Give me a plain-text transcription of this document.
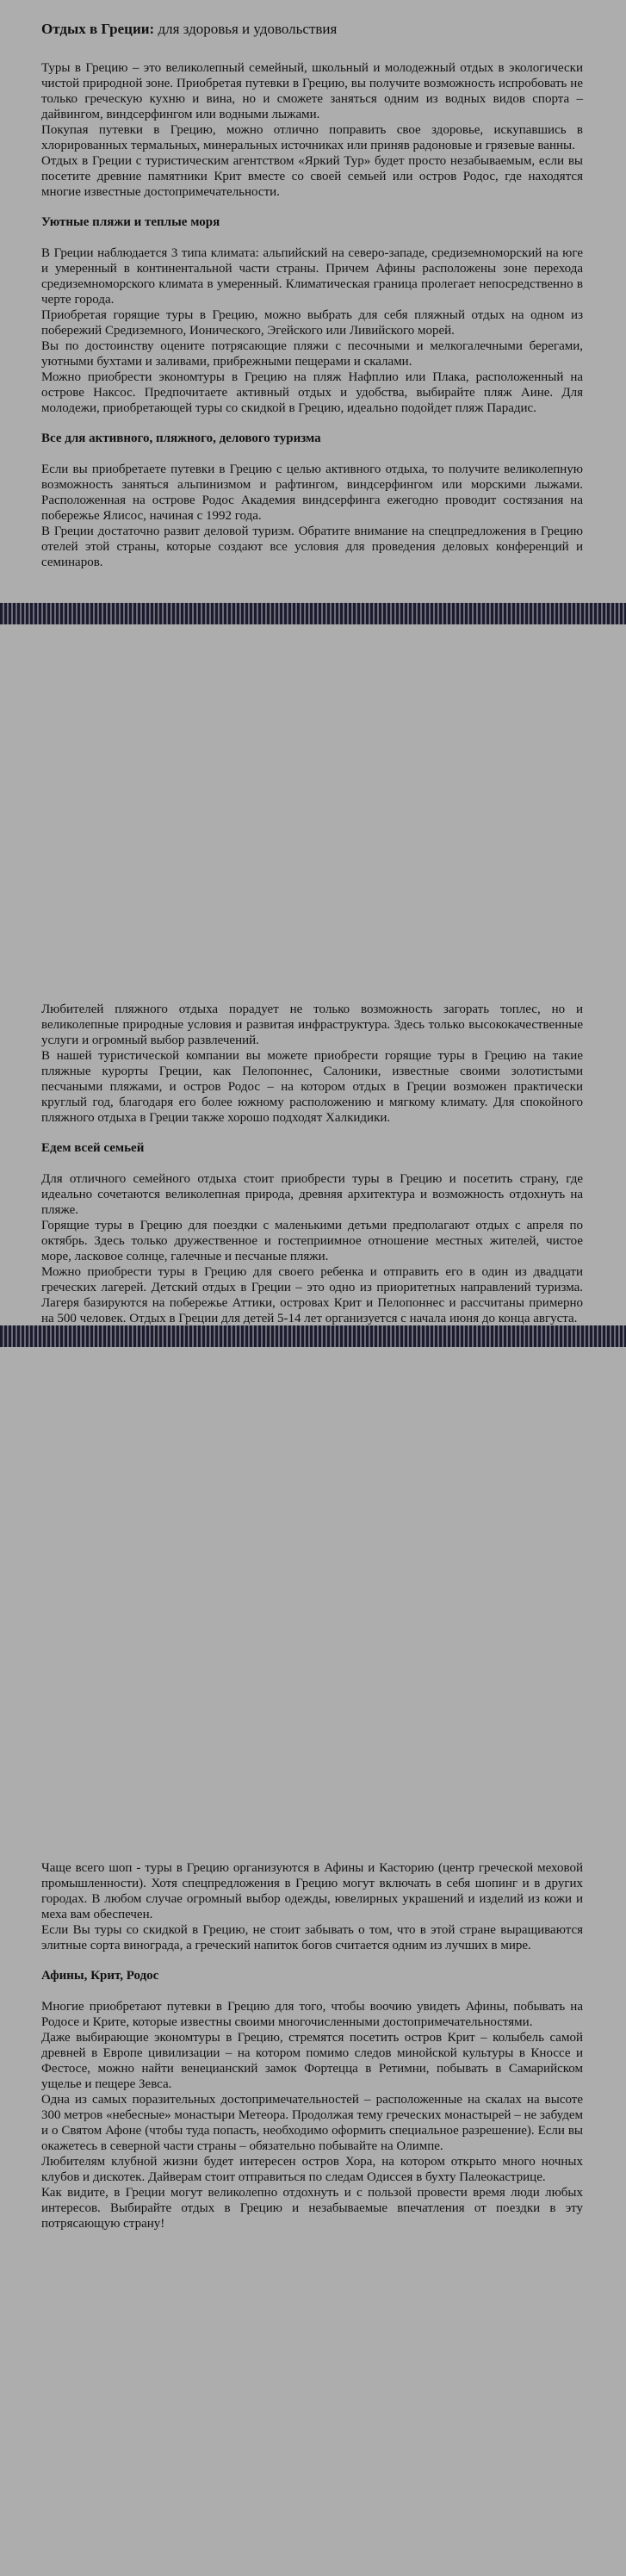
Отдых в Греции: для здоровья и удовольствия

Туры в Грецию – это великолепный семейный, школьный и молодежный отдых в экологически чистой природной зоне. Приобретая путевки в Грецию, вы получите возможность испробовать не только греческую кухню и вина, но и сможете заняться одним из водных видов спорта – дайвингом, виндсерфингом или водными лыжами.

Покупая путевки в Грецию, можно отлично поправить свое здоровье, искупавшись в хлорированных термальных, минеральных источниках или приняв радоновые и грязевые ванны.

Отдых в Греции с туристическим агентством «Яркий Тур» будет просто незабываемым, если вы посетите древние памятники Крит вместе со своей семьей или остров Родос, где находятся многие известные достопримечательности.

Уютные пляжи и теплые моря

В Греции наблюдается 3 типа климата: альпийский на северо-западе, средиземноморский на юге и умеренный в континентальной части страны. Причем Афины расположены зоне перехода средиземноморского климата в умеренный. Климатическая граница пролегает непосредственно в черте города.

Приобретая горящие туры в Грецию, можно выбрать для себя пляжный отдых на одном из побережий Средиземного, Ионического, Эгейского или Ливийского морей.

Вы по достоинству оцените потрясающие пляжи с песочными и мелкогалечными берегами, уютными бухтами и заливами, прибрежными пещерами и скалами.

Можно приобрести экономтуры в Грецию на пляж Нафплио или Плака, расположенный на острове Наксос. Предпочитаете активный отдых и удобства, выбирайте пляж Аине. Для молодежи, приобретающей туры со скидкой в Грецию, идеально подойдет пляж Парадис.

Все для активного, пляжного, делового туризма

Если вы приобретаете путевки в Грецию с целью активного отдыха, то получите великолепную возможность заняться альпинизмом и рафтингом, виндсерфингом или морскими лыжами. Расположенная на острове Родос Академия виндсерфинга ежегодно проводит состязания на побережье Ялисос, начиная с 1992 года.

В Греции достаточно развит деловой туризм. Обратите внимание на спецпредложения в Грецию отелей этой страны, которые создают все условия для проведения деловых конференций и семинаров.

Любителей пляжного отдыха порадует не только возможность загорать топлес, но и великолепные природные условия и развитая инфраструктура. Здесь только высококачественные услуги и огромный выбор развлечений.

В нашей туристической компании вы можете приобрести горящие туры в Грецию на такие пляжные курорты Греции, как Пелопоннес, Салоники, известные своими золотистыми песчаными пляжами, и остров Родос – на котором отдых в Греции возможен практически круглый год, благодаря его более южному расположению и мягкому климату. Для спокойного пляжного отдыха в Греции также хорошо подходят Халкидики.

Едем всей семьей

Для отличного семейного отдыха стоит приобрести туры в Грецию и посетить страну, где идеально сочетаются великолепная природа, древняя архитектура и возможность отдохнуть на пляже.

Горящие туры в Грецию для поездки с маленькими детьми предполагают отдых с апреля по октябрь. Здесь только дружественное и гостеприимное отношение местных жителей, чистое море, ласковое солнце, галечные и песчаные пляжи.

Можно приобрести туры в Грецию для своего ребенка и отправить его в один из двадцати греческих лагерей. Детский отдых в Греции – это одно из приоритетных направлений туризма. Лагеря базируются на побережье Аттики, островах Крит и Пелопоннес и рассчитаны примерно на 500 человек. Отдых в Греции для детей 5-14 лет организуется с начала июня до конца августа.

Чаще всего шоп - туры в Грецию организуются в Афины и Касторию (центр греческой меховой промышленности). Хотя спецпредложения в Грецию могут включать в себя шопинг и в других городах. В любом случае огромный выбор одежды, ювелирных украшений и изделий из кожи и меха вам обеспечен.

Если Вы туры со скидкой в Грецию, не стоит забывать о том, что в этой стране выращиваются элитные сорта винограда, а греческий напиток богов считается одним из лучших в мире.

Афины, Крит, Родос

Многие приобретают путевки в Грецию для того, чтобы воочию увидеть Афины, побывать на Родосе и Крите, которые известны своими многочисленными достопримечательностями.

Даже выбирающие экономтуры в Грецию, стремятся посетить остров Крит – колыбель самой древней в Европе цивилизации – на котором помимо следов минойской культуры в Кноссе и Фестосе, можно найти венецианский замок Фортецца в Ретимни, побывать в Самарийском ущелье и пещере Зевса.

Одна из самых поразительных достопримечательностей – расположенные на скалах на высоте 300 метров «небесные» монастыри Метеора. Продолжая тему греческих монастырей – не забудем и о Святом Афоне (чтобы туда попасть, необходимо оформить специальное разрешение). Если вы окажетесь в северной части страны – обязательно побывайте на Олимпе.

Любителям клубной жизни будет интересен остров Хора, на котором открыто много ночных клубов и дискотек. Дайверам стоит отправиться по следам Одиссея в бухту Палеокастрице.

Как видите, в Греции могут великолепно отдохнуть и с пользой провести время люди любых интересов. Выбирайте отдых в Грецию и незабываемые впечатления от поездки в эту потрясающую страну!
